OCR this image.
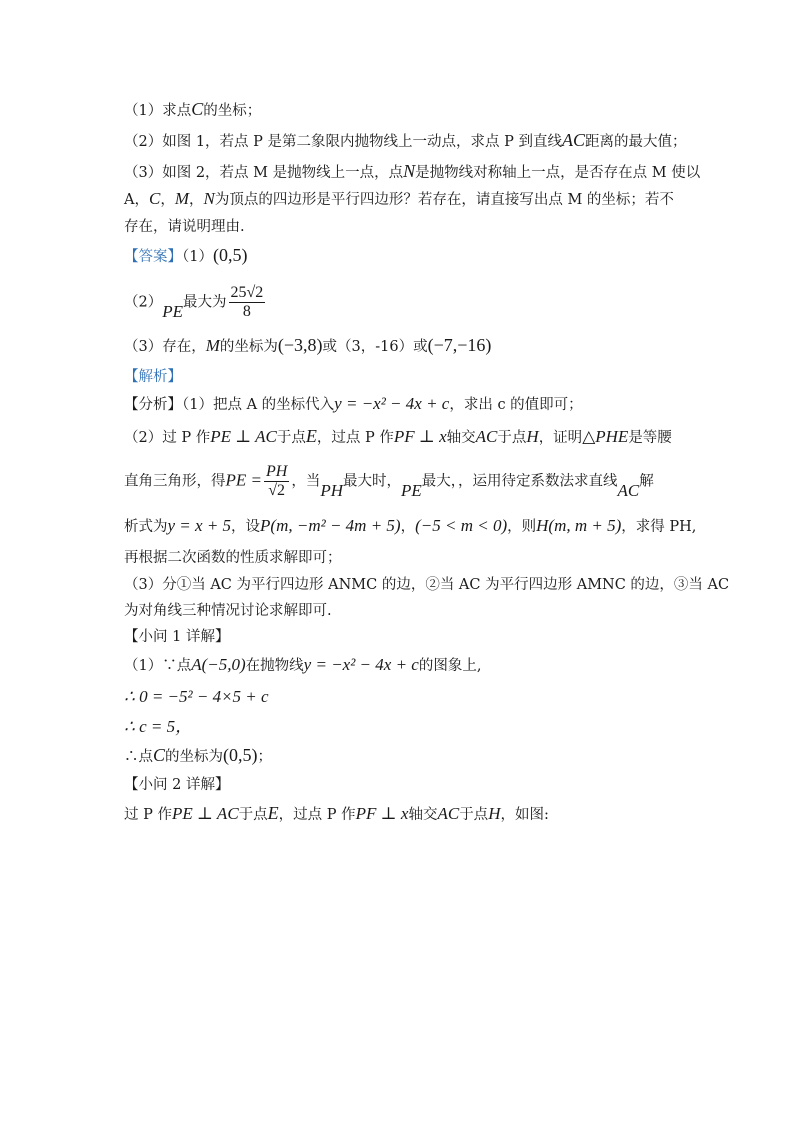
（1）求点C的坐标；
（2）如图 1，若点 P 是第二象限内抛物线上一动点，求点 P 到直线AC距离的最大值；
（3）如图 2，若点 M 是抛物线上一点，点N是抛物线对称轴上一点，是否存在点 M 使以
A，C，M，N为顶点的四边形是平行四边形？若存在，请直接写出点 M 的坐标；若不
存在，请说明理由.
【答案】（1）(0,5)
（2）PE最大为 $\frac{25√2}{8}$
（3）存在，M的坐标为(−3,8)或（3，-16）或(−7,−16)
【解析】
【分析】（1）把点 A 的坐标代入y = −x² − 4x + c，求出 c 的值即可；
（2）过 P 作PE ⊥ AC于点E，过点 P 作PF ⊥ x轴交AC于点H，证明△PHE是等腰
直角三角形，得PE = $\frac{PH}{√2}$ ，当PH最大时，PE最大，，运用待定系数法求直线AC解
析式为y = x + 5，设P(m, −m² − 4m + 5)，(−5 < m < 0)，则H(m, m + 5)，求得 PH,
再根据二次函数的性质求解即可；
（3）分①当 AC 为平行四边形 ANMC 的边，②当 AC 为平行四边形 AMNC 的边，③当 AC
为对角线三种情况讨论求解即可.
【小问 1 详解】
（1）∵点A(−5,0)在抛物线y = −x² − 4x + c的图象上,
∴ 0 = −5² − 4×5 + c
∴ c = 5，
∴点C的坐标为(0,5)；
【小问 2 详解】
过 P 作PE ⊥ AC于点E，过点 P 作PF ⊥ x轴交AC于点H，如图:
